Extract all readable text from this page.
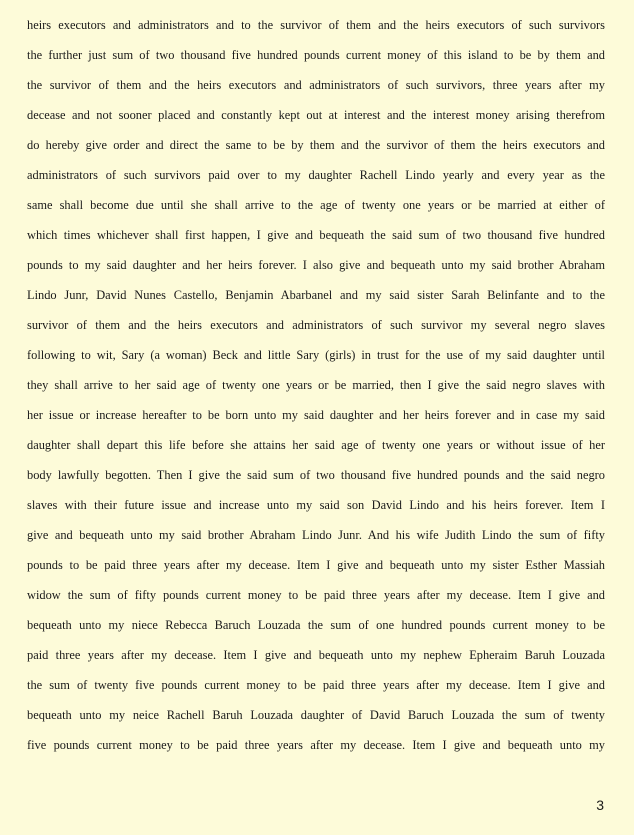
heirs executors and administrators and to the survivor of them and the heirs executors of such survivors
the further just sum of two thousand five hundred pounds current money of this island to be by them and
the survivor of them and the heirs executors and administrators of such survivors, three years after my
decease and not sooner placed and constantly kept out at interest and the interest money arising therefrom
do hereby give order and direct the same to be by them and the survivor of them the heirs executors and
administrators of such survivors paid over to my daughter Rachell Lindo yearly and every year as the
same shall become due until she shall arrive to the age of twenty one years or be married at either of
which times whichever shall first happen, I give and bequeath the said sum of two thousand five hundred
pounds to my said daughter and her heirs forever. I also give and bequeath unto my said brother Abraham
Lindo Junr, David Nunes Castello, Benjamin Abarbanel and my said sister Sarah Belinfante and to the
survivor of them and the heirs executors and administrators of such survivor my several negro slaves
following to wit, Sary (a woman) Beck and little Sary (girls) in trust for the use of my said daughter until
they shall arrive to her said age of twenty one years or be married, then I give the said negro slaves with
her issue or increase hereafter to be born unto my said daughter and her heirs forever and in case my said
daughter shall depart this life before she attains her said age of twenty one years or without issue of her
body lawfully begotten. Then I give the said sum of two thousand five hundred pounds and the said negro
slaves with their future issue and increase unto my said son David Lindo and his heirs forever. Item I
give and bequeath unto my said brother Abraham Lindo Junr. And his wife Judith Lindo the sum of fifty
pounds to be paid three years after my decease. Item I give and bequeath unto my sister Esther Massiah
widow the sum of fifty pounds current money to be paid three years after my decease. Item I give and
bequeath unto my niece Rebecca Baruch Louzada the sum of one hundred pounds current money to be
paid three years after my decease. Item I give and bequeath unto my nephew Epheraim Baruh Louzada
the sum of twenty five pounds current money to be paid three years after my decease. Item I give and
bequeath unto my neice Rachell Baruh Louzada daughter of David Baruch Louzada the sum of twenty
five pounds current money to be paid three years after my decease. Item I give and bequeath unto my
3
